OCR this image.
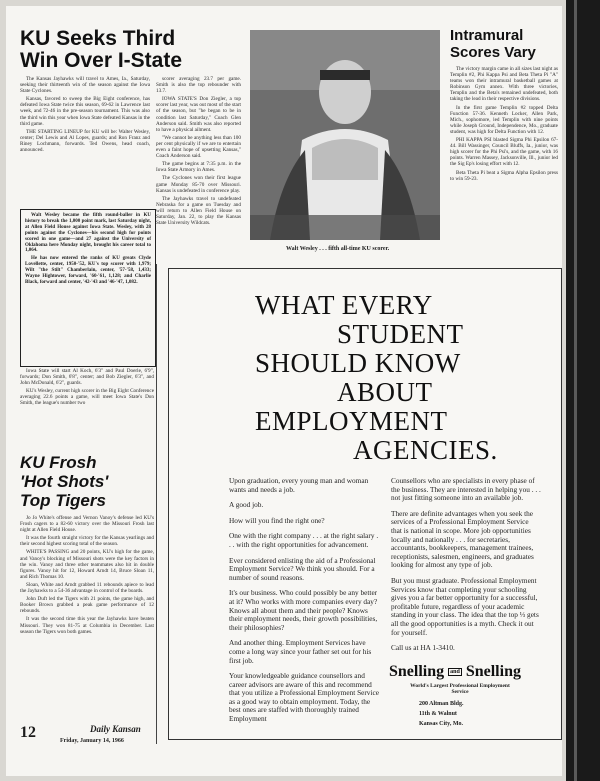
KU Seeks Third
Win Over I-State

The Kansas Jayhawks will travel to Ames, Ia., Saturday, seeking their thirteenth win of the season against the Iowa State Cyclones.

Kansas, favored to sweep the Big Eight conference, has defeated Iowa State twice this season, 69-62 in Lawrence last week, and 72-46 in the pre-season tournament. This was also the third win this year when Iowa State defeated Kansas in the third game.

THE STARTING LINEUP for KU will be: Walter Wesley, center; Del Lewis and Al Lopes, guards; and Ron Franz and Riney Lochmann, forwards. Ted Owens, head coach, announced.

scorer averaging 23.7 per game. Smith is also the top rebounder with 13.7.

IOWA STATE'S Don Ziegler, a top scorer last year, was out most of the start of the season, but "he began to be in condition last Saturday," Coach Glen Anderson said. Smith was also reported to have a physical ailment.

"We cannot be anything less than 100 per cent physically if we are to entertain even a faint hope of upsetting Kansas," Coach Anderson said.

The game begins at 7:35 p.m. in the Iowa State Armory in Ames.

The Cyclones won their first league game Monday 85-70 over Missouri. Kansas is undefeated in conference play.

The Jayhawks travel to undefeated Nebraska for a game on Tuesday and will return to Allen Field House on Saturday, Jan. 22, to play the Kansas State University Wildcats.

Walt Wesley became the fifth round-baller in KU history to break the 1,000 point mark, last Saturday night, at Allen Field House against Iowa State. Wesley, with 28 points against the Cyclones—his second high for points scored in one game—and 27 against the University of Oklahoma here Monday night, brought his career total to 1,064.

He has now entered the ranks of KU greats Clyde Lovellette, center, 1950-'52, KU's top scorer with 1,979; Wilt "the Stilt" Chamberlain, center, '57-'58, 1,433; Wayne Hightower, forward, '60-'61, 1,128; and Charlie Black, forward and center, '42-'43 and '46-'47, 1,082.

Iowa State will start Al Koch, 6'3" and Paul Doerle, 6'9", forwards; Don Smith, 6'8", center; and Bob Ziegler, 6'3", and John McDonald, 6'2", guards.

KU's Wesley, current high scorer in the Big Eight Conference averaging 22.6 points a game, will meet Iowa State's Don Smith, the league's number two

Walt Wesley . . . fifth all-time KU scorer.
Intramural
Scores Vary

The victory margin came in all sizes last night as Templin #2, Phi Kappa Psi and Beta Theta Pi "A" teams won their intramural basketball games at Robinson Gym annex. With three victories, Templin and the Beta's remained undefeated, both taking the lead in their respective divisions.

In the first game Templin #2 topped Delta Function 57-36. Kenneth Locker, Allen Park, Mich., sophomore, led Templin with nine points while Joseph Ground, Independence, Mo., graduate student, was high for Delta Function with 12.

PHI KAPPA PSI blasted Sigma Phi Epsilon 67-44. Bill Wassinger, Council Bluffs, Ia., junior, was high scorer for the Phi Psi's, and the game, with 16 points. Warren Massey, Jacksonville, Ill., junior led the Sig Ep's losing effort with 12.

Beta Theta Pi beat a Sigma Alpha Epsilon press to win 59-23.

KU Frosh
'Hot Shots'
Top Tigers

Jo Jo White's offense and Vernon Vanoy's defense led KU's Frosh cagers to a 82-60 victory over the Missouri Frosh last night at Allen Field House.

It was the fourth straight victory for the Kansas yearlings and their second highest scoring total of the season.

WHITE'S PASSING and 20 points, KU's high for the game, and Vanoy's blocking of Missouri shots were the key factors in the win. Vanoy and three other teammates also hit in double figures. Vanoy hit for 12, Howard Arndt 14, Bruce Sloan 11, and Rich Thomas 10.

Sloan, White and Arndt grabbed 11 rebounds apiece to lead the Jayhawks to a 54-36 advantage in control of the boards.

John Duft led the Tigers with 21 points, the game high, and Booker Brown grabbed a peak game performance of 12 rebounds.

It was the second time this year the Jayhawks have beaten Missouri. They won 81-75 at Columbia in December. Last season the Tigers won both games.

WHAT EVERY
STUDENT
SHOULD KNOW
ABOUT
EMPLOYMENT
AGENCIES.

Upon graduation, every young man and woman wants and needs a job.

A good job.

How will you find the right one?

One with the right company . . . at the right salary . . . with the right opportunities for advancement.

Ever considered enlisting the aid of a Professional Employment Service? We think you should. For a number of sound reasons.

It's our business. Who could possibly be any better at it? Who works with more companies every day? Knows all about them and their people? Knows their employment needs, their growth possibilities, their philosophies?

And another thing. Employment Services have come a long way since your father set out for his first job.

Your knowledgeable guidance counsellors and career advisors are aware of this and recommend that you utilize a Professional Employment Service as a good way to obtain employment. Today, the best ones are staffed with thoroughly trained Employment

Counsellors who are specialists in every phase of the business. They are interested in helping you . . . not just fitting someone into an available job.

There are definite advantages when you seek the services of a Professional Employment Service that is national in scope. More job opportunities locally and nationally . . . for secretaries, accountants, bookkeepers, management trainees, receptionists, salesmen, engineers, and graduates looking for almost any type of job.

But you must graduate. Professional Employment Services know that completing your schooling gives you a far better opportunity for a successful, profitable future, regardless of your academic standing in your class. The idea that the top ⅓ gets all the good opportunities is a myth. Check it out for yourself.

Call us at HA 1-3410.

Snelling and Snelling
World's Largest Professional Employment Service
200 Altman Bldg.
11th & Walnut
Kansas City, Mo.
12	Daily Kansan
Friday, January 14, 1966
